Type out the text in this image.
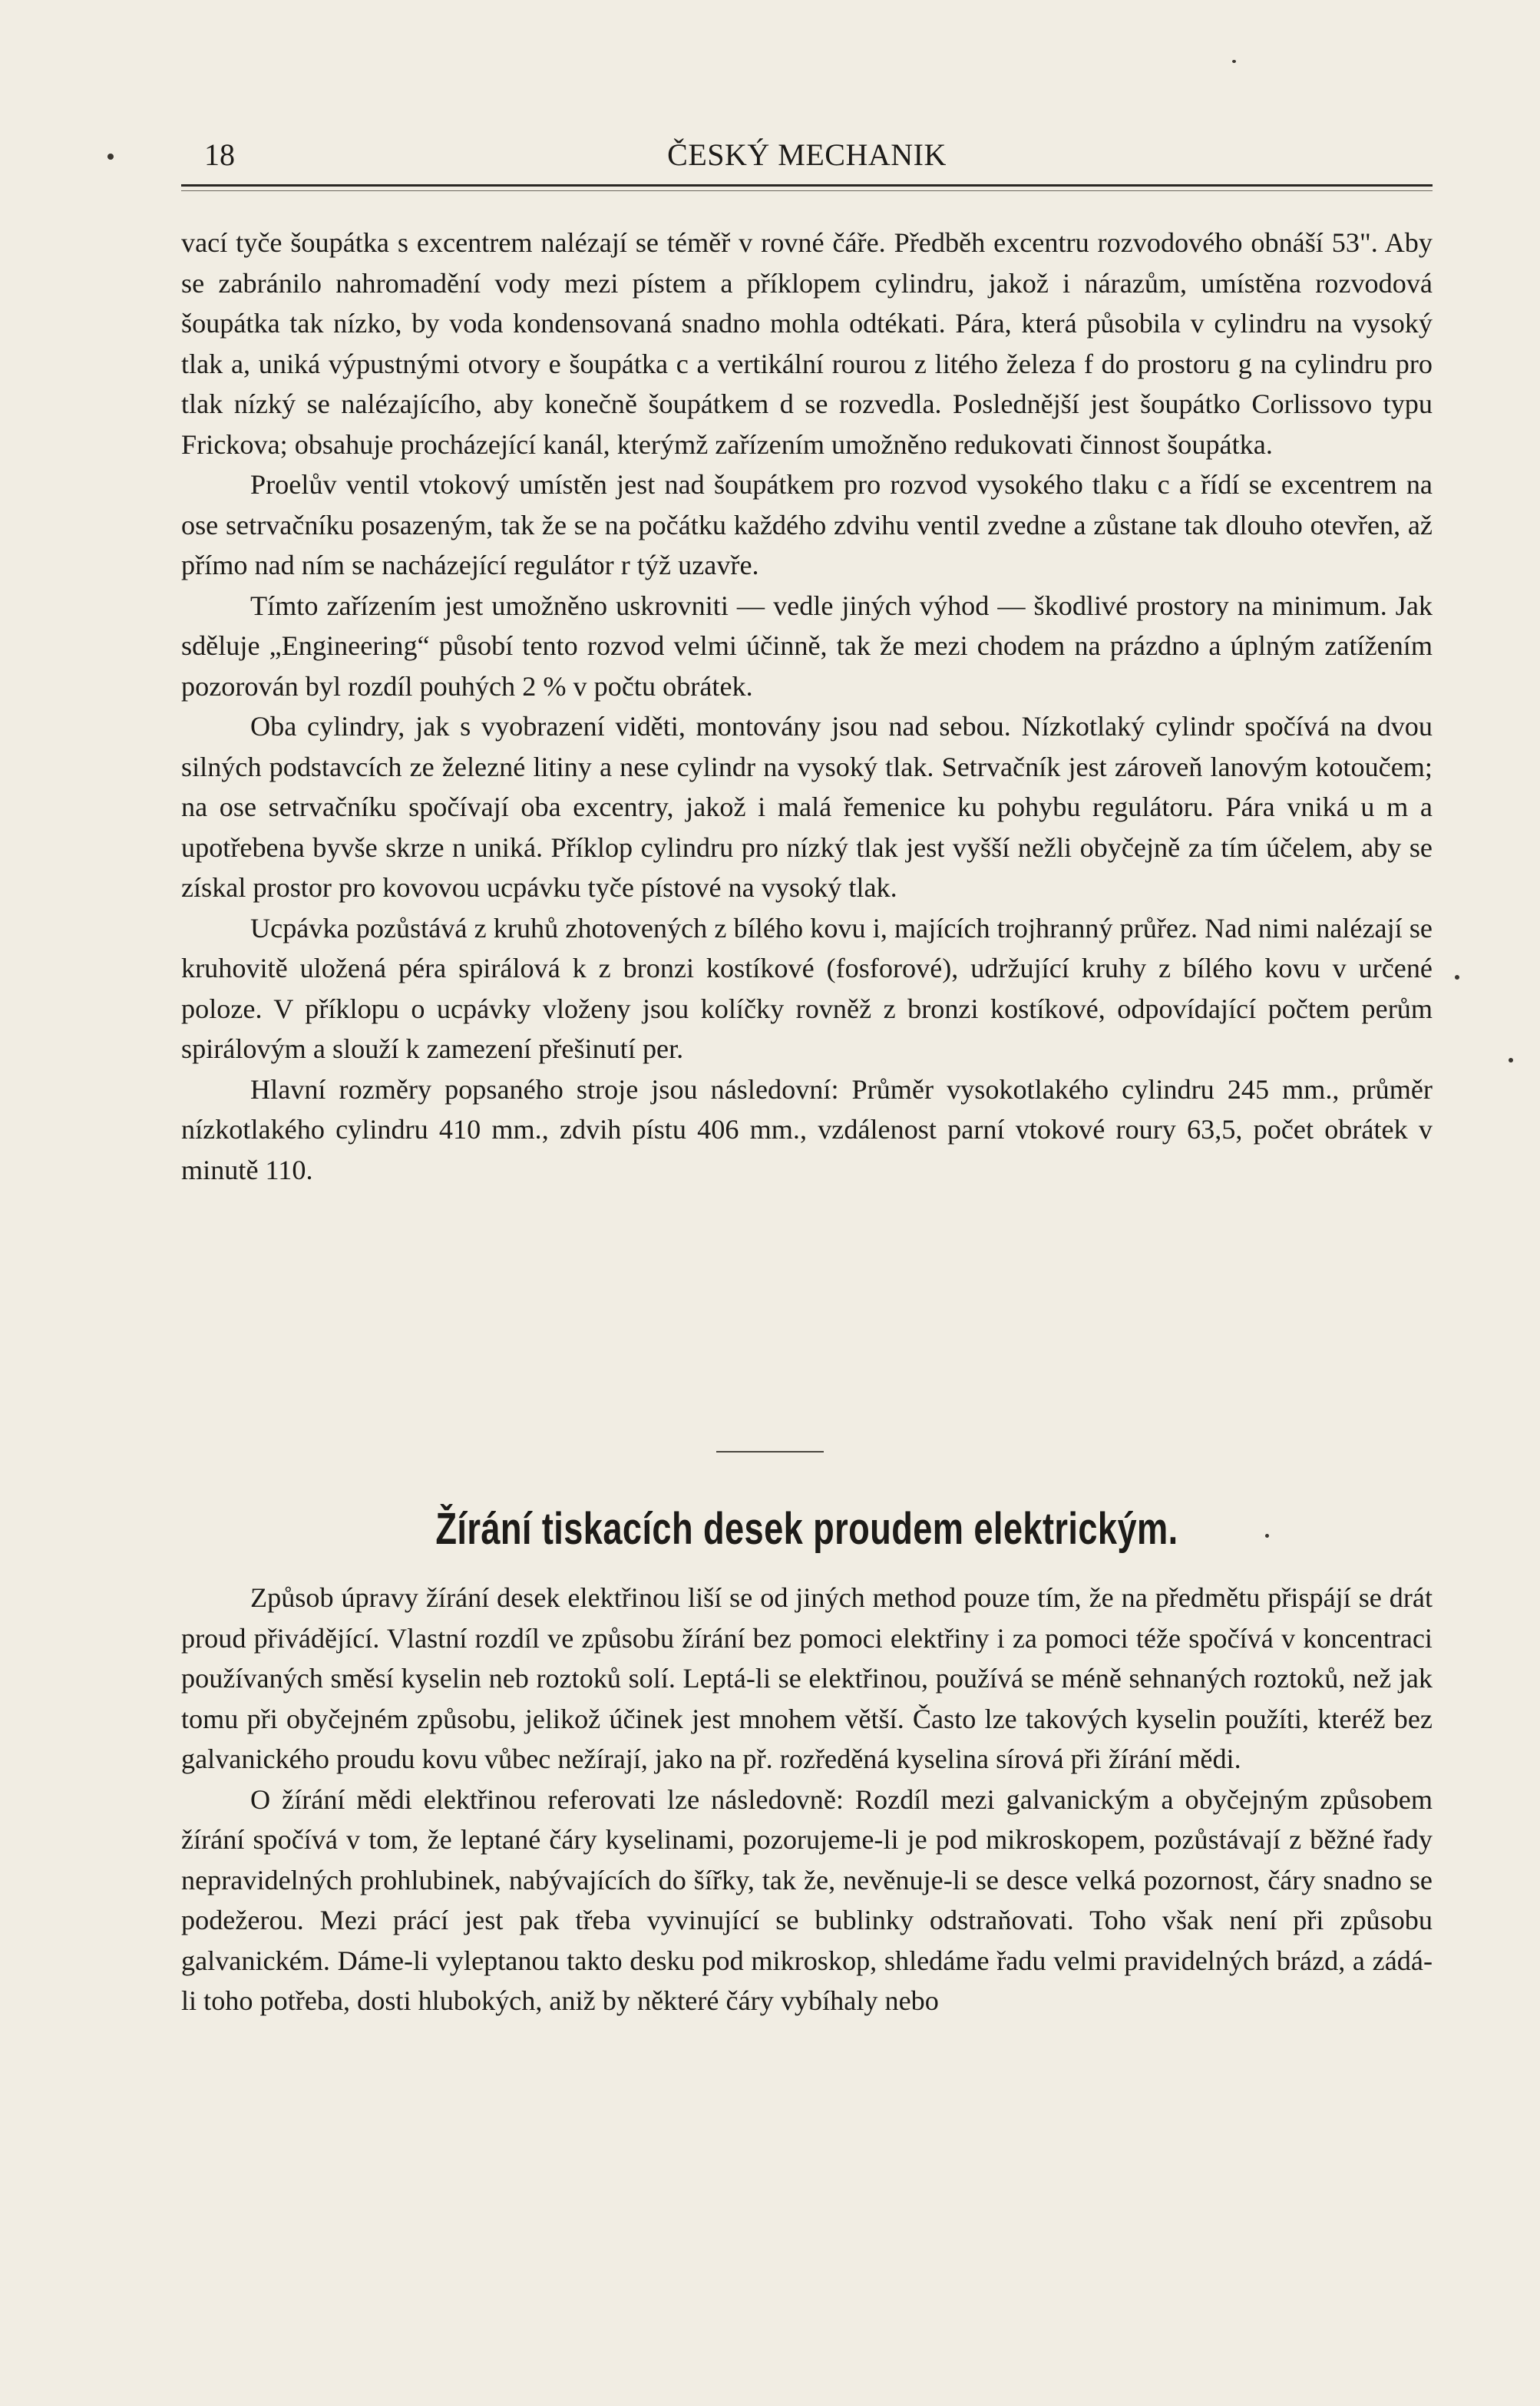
18	ČESKÝ MECHANIK

vací tyče šoupátka s excentrem nalézají se téměř v rovné čáře. Předběh excentru rozvodového obnáší 53". Aby se zabránilo nahromadění vody mezi pístem a příklopem cylindru, jakož i nárazům, umístěna rozvodová šoupátka tak nízko, by voda kondensovaná snadno mohla odtékati. Pára, která působila v cylindru na vysoký tlak a, uniká výpustnými otvory e šoupátka c a vertikální rourou z litého železa f do prostoru g na cylindru pro tlak nízký se nalézajícího, aby konečně šoupátkem d se rozvedla. Poslednější jest šoupátko Corlissovo typu Frickova; obsahuje procházející kanál, kterýmž zařízením umožněno redukovati činnost šoupátka.

Proelův ventil vtokový umístěn jest nad šoupátkem pro rozvod vysokého tlaku c a řídí se excentrem na ose setrvačníku posazeným, tak že se na počátku každého zdvihu ventil zvedne a zůstane tak dlouho otevřen, až přímo nad ním se nacházející regulátor r týž uzavře.

Tímto zařízením jest umožněno uskrovniti — vedle jiných výhod — škodlivé prostory na minimum. Jak sděluje „Engineering“ působí tento rozvod velmi účinně, tak že mezi chodem na prázdno a úplným zatížením pozorován byl rozdíl pouhých 2 % v počtu obrátek.

Oba cylindry, jak s vyobrazení viděti, montovány jsou nad sebou. Nízkotlaký cylindr spočívá na dvou silných podstavcích ze železné litiny a nese cylindr na vysoký tlak. Setrvačník jest zároveň lanovým kotoučem; na ose setrvačníku spočívají oba excentry, jakož i malá řemenice ku pohybu regulátoru. Pára vniká u m a upotřebena byvše skrze n uniká. Příklop cylindru pro nízký tlak jest vyšší nežli obyčejně za tím účelem, aby se získal prostor pro kovovou ucpávku tyče pístové na vysoký tlak.

Ucpávka pozůstává z kruhů zhotovených z bílého kovu i, majících trojhranný průřez. Nad nimi nalézají se kruhovitě uložená péra spirálová k z bronzi kostíkové (fosforové), udržující kruhy z bílého kovu v určené poloze. V příklopu o ucpávky vloženy jsou kolíčky rovněž z bronzi kostíkové, odpovídající počtem perům spirálovým a slouží k zamezení přešinutí per.

Hlavní rozměry popsaného stroje jsou následovní: Průměr vysokotlakého cylindru 245 mm., průměr nízkotlakého cylindru 410 mm., zdvih pístu 406 mm., vzdálenost parní vtokové roury 63,5, počet obrátek v minutě 110.

Žírání tiskacích desek proudem elektrickým.

Způsob úpravy žírání desek elektřinou liší se od jiných method pouze tím, že na předmětu přispájí se drát proud přivádějící. Vlastní rozdíl ve způsobu žírání bez pomoci elektřiny i za pomoci téže spočívá v koncentraci používaných směsí kyselin neb roztoků solí. Leptá-li se elektřinou, používá se méně sehnaných roztoků, než jak tomu při obyčejném způsobu, jelikož účinek jest mnohem větší. Často lze takových kyselin použíti, kteréž bez galvanického proudu kovu vůbec nežírají, jako na př. rozředěná kyselina sírová při žírání mědi.

O žírání mědi elektřinou referovati lze následovně: Rozdíl mezi galvanickým a obyčejným způsobem žírání spočívá v tom, že leptané čáry kyselinami, pozorujeme-li je pod mikroskopem, pozůstávají z běžné řady nepravidelných prohlubinek, nabývajících do šířky, tak že, nevěnuje-li se desce velká pozornost, čáry snadno se podežerou. Mezi prácí jest pak třeba vyvinující se bublinky odstraňovati. Toho však není při způsobu galvanickém. Dáme-li vyleptanou takto desku pod mikroskop, shledáme řadu velmi pravidelných brázd, a zádá-li toho potřeba, dosti hlubokých, aniž by některé čáry vybíhaly nebo
